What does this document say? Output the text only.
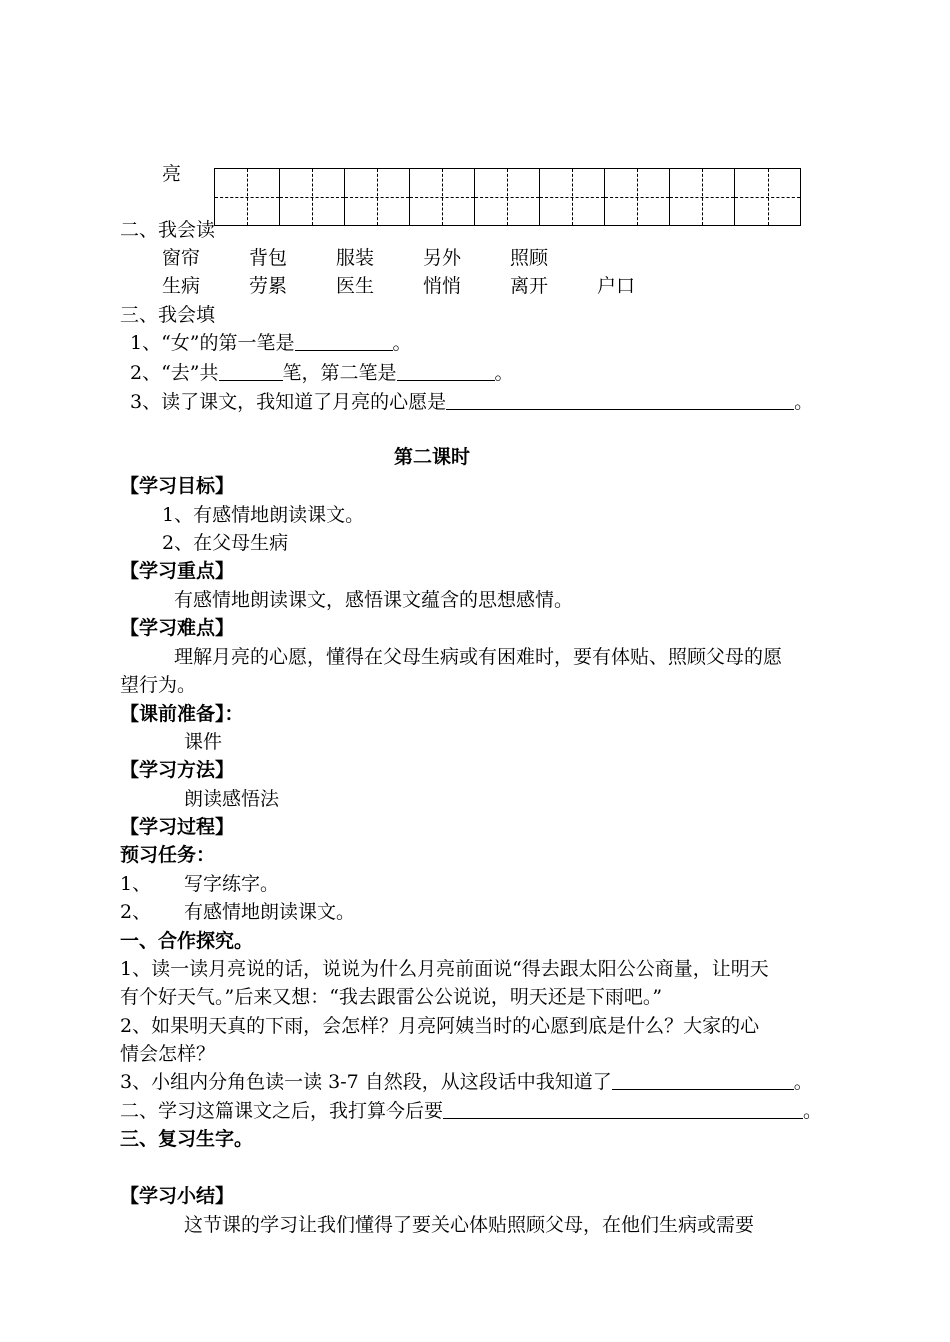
亮
二、我会读
窗帘	背包	服装	另外	照顾
生病	劳累	医生	悄悄	离开	户口
三、我会填
1、“女”的第一笔是	。
2、“去”共	笔，第二笔是	。
3、读了课文，我知道了月亮的心愿是	。
第二课时
【学习目标】
1、有感情地朗读课文。
2、在父母生病
【学习重点】
有感情地朗读课文，感悟课文蕴含的思想感情。
【学习难点】
理解月亮的心愿，懂得在父母生病或有困难时，要有体贴、照顾父母的愿
望行为。
【课前准备】：
课件
【学习方法】
朗读感悟法
【学习过程】
预习任务：
1、 写字练字。
2、 有感情地朗读课文。
一、合作探究。
1、读一读月亮说的话，说说为什么月亮前面说“得去跟太阳公公商量，让明天
有个好天气。”后来又想：“我去跟雷公公说说，明天还是下雨吧。”
2、如果明天真的下雨，会怎样？月亮阿姨当时的心愿到底是什么？大家的心
情会怎样？
3、小组内分角色读一读 3-7 自然段，从这段话中我知道了	。
二、学习这篇课文之后，我打算今后要	。
三、复习生字。
【学习小结】
这节课的学习让我们懂得了要关心体贴照顾父母，在他们生病或需要
